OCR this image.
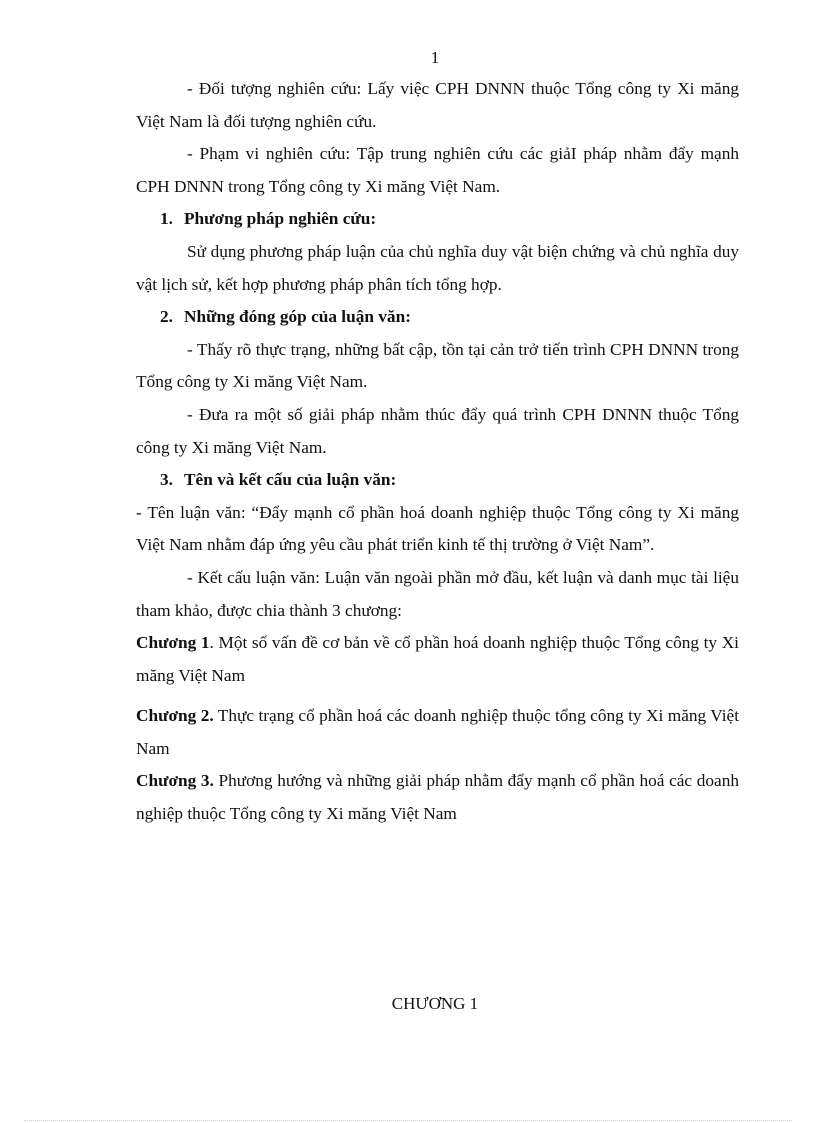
1

- Đối tượng nghiên cứu: Lấy việc CPH DNNN thuộc Tổng công ty Xi măng Việt Nam là đối tượng nghiên cứu.

- Phạm vi nghiên cứu: Tập trung nghiên cứu các giảI pháp nhằm đẩy mạnh CPH DNNN trong Tổng công ty Xi măng Việt Nam.

1. Phương pháp nghiên cứu:

Sử dụng phương pháp luận của chủ nghĩa duy vật biện chứng và chủ nghĩa duy vật lịch sử, kết hợp phương pháp phân tích tổng hợp.

2. Những đóng góp của luận văn:

- Thấy rõ thực trạng, những bất cập, tồn tại cản trở tiến trình CPH DNNN trong Tổng công ty Xi măng Việt Nam.

- Đưa ra một số giải pháp nhằm thúc đẩy quá trình CPH DNNN thuộc Tổng công ty Xi măng Việt Nam.

3. Tên và kết cấu của luận văn:

- Tên luận văn: “Đẩy mạnh cổ phần hoá doanh nghiệp thuộc Tổng công ty Xi măng Việt Nam nhằm đáp ứng yêu cầu phát triển kinh tế thị trường ở Việt Nam”.

- Kết cấu luận văn: Luận văn ngoài phần mở đầu, kết luận và danh mục tài liệu tham khảo, được chia thành 3 chương:

Chương 1. Một số vấn đề cơ bản về cổ phần hoá doanh nghiệp thuộc Tổng công ty Xi măng Việt Nam

Chương 2. Thực trạng cổ phần hoá các doanh nghiệp thuộc tổng công ty Xi măng Việt Nam

Chương 3. Phương hướng và những giải pháp nhằm đẩy mạnh cổ phần hoá các doanh nghiệp thuộc Tổng công ty Xi măng Việt Nam

CHƯƠNG 1
